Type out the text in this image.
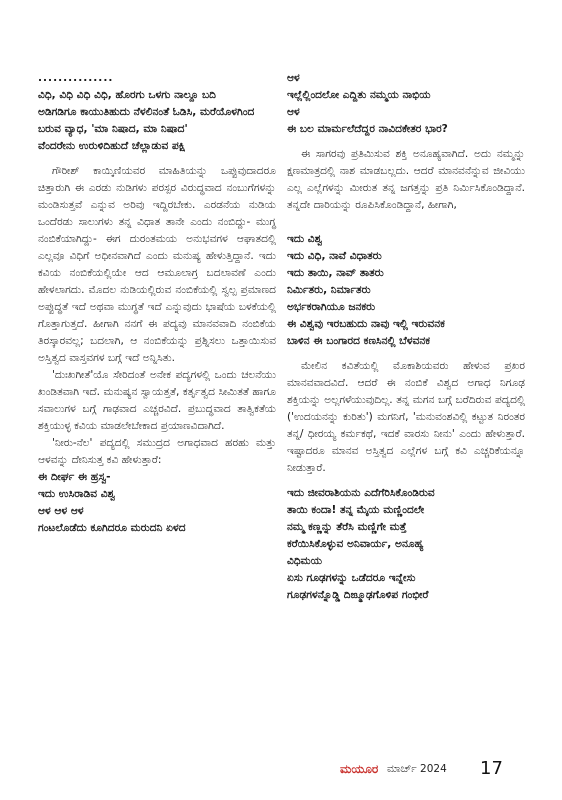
...............

ವಿಧಿ, ವಿಧಿ ವಿಧಿ ವಿಧಿ, ಹೊರಗು ಒಳಗು ನಾಲ್ದೂ ಬದಿ

ಅಡಿಗಡಿಗೂ ಕಾಯುತಿಹುದು ನೆಳಲಿನಂತೆ ಓಡಿಸಿ, ಮರೆಯೊಳಗಿಂದ ಬರುವ ವ್ಯಾಧ, 'ಮಾ ನಿಷಾದ, ಮಾ ನಿಷಾದ'

ವೆಂದರೇನು ಉರುಳಿದಿಹುದೆ ಚೆಲ್ಲಾಡುವ ಪಕ್ಷಿ

ಗೌರೀಶ್ ಕಾಯ್ಕಿಣಿಯವರ ಮಾಹಿತಿಯನ್ನು ಒಪ್ಪುವುದಾದರೂ ಚಿತ್ತಾರುಗಿ ಈ ಎರಡು ನುಡಿಗಳು ಪರಸ್ಪರ ವಿರುದ್ಧವಾದ ನಂಬುಗೆಗಳನ್ನು ಮಂಡಿಸುತ್ತವೆ ಎನ್ನುವ ಅರಿವು ಇದ್ದಿರಬೇಕು. ಎರಡನೆಯ ನುಡಿಯ ಒಂದೆರಡು ಸಾಲುಗಳು ತನ್ನ ವಿಧಾತ ತಾನೇ ಎಂದು ನಂಬಿದ್ದು- ಮುಗ್ಧ ನಂಬಿಕೆಯಾಗಿದ್ದು- ಈಗ ದುರಂತಮಯ ಅನುಭವಗಳ ಆಘಾತದಲ್ಲಿ ಎಲ್ಲವೂ ವಿಧಿಗೆ ಅಧೀನವಾಗಿದೆ ಎಂದು ಮನುಷ್ಯ ಹೇಳುತ್ತಿದ್ದಾನೆ. ಇದು ಕವಿಯ ನಂಬಿಕೆಯಲ್ಲಿಯೇ ಆದ ಆಮೂಲಾಗ್ರ ಬದಲಾವಣೆ ಎಂದು ಹೇಳಲಾಗದು. ಮೊದಲ ನುಡಿಯಲ್ಲಿರುವ ನಂಬಿಕೆಯಲ್ಲಿ ಸ್ವಲ್ಪ ಪ್ರಮಾಣದ ಅಪ್ಪುದ್ಧತೆ ಇದೆ ಅಥವಾ ಮುಗ್ಧತೆ ಇದೆ ಎನ್ನುವುದು ಭಾಷೆಯ ಬಳಕೆಯಲ್ಲಿ ಗೊತ್ತಾಗುತ್ತದೆ. ಹೀಗಾಗಿ ನನಗೆ ಈ ಪದ್ಯವು ಮಾನವವಾದಿ ನಂಬಿಕೆಯ ತಿರಸ್ಕಾರವಲ್ಲ; ಬದಲಾಗಿ, ಆ ನಂಬಿಕೆಯನ್ನು ಪ್ರಶ್ನಿಸಲು ಒತ್ತಾಯಿಸುವ ಅಸ್ತಿತ್ವದ ವಾಸ್ತವಗಳ ಬಗ್ಗೆ ಇದೆ ಅನ್ನಿಸಿತು.

'ದುಃಖಗೀತೆ'ಯೊ ಸೇರಿದಂತೆ ಅನೇಕ ಪದ್ಯಗಳಲ್ಲಿ ಒಂದು ಚಲನೆಯು ಖಂಡಿತವಾಗಿ ಇದೆ. ಮನುಷ್ಯನ ಸ್ವಾಯತ್ತತೆ, ಕರ್ತೃತ್ವದ ಸೀಮಿತತೆ ಹಾಗೂ ಸವಾಲುಗಳ ಬಗ್ಗೆ ಗಾಢವಾದ ಎಚ್ಚರವಿದೆ. ಪ್ರಬುದ್ಧವಾದ ತಾತ್ವಿಕತೆಯ ಶಕ್ತಿಯುಳ್ಳ ಕವಿಯ ಮಾಡಲೇಬೇಕಾದ ಪ್ರಯಾಣವಿದಾಗಿದೆ.

'ನೀರು-ನೆಲ' ಪದ್ಯದಲ್ಲಿ ಸಮುದ್ರದ ಅಗಾಧವಾದ ಹರಹು ಮತ್ತು ಆಳವನ್ನು ದೇನಿಸುತ್ತ ಕವಿ ಹೇಳುತ್ತಾರೆ:

ಈ ದೀರ್ಘ ಈ ಹ್ರಸ್ವ-

ಇದು ಉಸಿರಾಡಿವ ವಿಶ್ವ

ಆಳ ಆಳ ಆಳ

ಗಂಟಲೊಡೆದು ಕೂಗಿದರೂ ಮರುದನಿ ಏಳದ

ಆಳ

ಇಲ್ಲೆಲ್ಲಿಂದಲೋ ಎದ್ದಿತು ನಮ್ಮಯ ನಾಭಿಯ

ಆಳ

ಈ ಬಲ ಮಾರ್ಮಲೆದೆದ್ದರ ನಾವಿದಕೇತರ ಭಾರ?

ಈ ಸಾಗರವು ಪ್ರತಿಮಿಸುವ ಶಕ್ತಿ ಅನೂಹ್ಯವಾಗಿದೆ. ಅದು ನಮ್ಮನ್ನು ಕ್ಷಣಮಾತ್ರದಲ್ಲಿ ನಾಶ ಮಾಡಬಲ್ಲದು. ಆದರೆ ಮಾನವನೆನ್ನುವ ಜೀವಿಯು ಎಲ್ಲ ಎಲ್ಲೆಗಳನ್ನು ಮೀರುತ ತನ್ನ ಜಗತ್ತನ್ನು ಪ್ರತಿ ನಿರ್ಮಿಸಿಕೊಂಡಿದ್ದಾನೆ. ತನ್ನದೇ ದಾರಿಯನ್ನು ರೂಪಿಸಿಕೊಂಡಿದ್ದಾನೆ, ಹೀಗಾಗಿ,

ಇದು ವಿಶ್ವ

ಇದು ವಿಧಿ, ನಾವೆ ವಿಧಾತರು

ಇದು ತಾಯಿ, ನಾವ್ ತಾತರು

ನಿರ್ಮಿತರು, ನಿರ್ಮಾತರು

ಅರ್ಭಕರಾಗಿಯೂ ಜನಕರು

ಈ ವಿಶ್ವವು ಇರಬಹುದು ನಾವು ಇಲ್ಲಿ ಇರುವನಕ

ಬಾಳಿನ ಈ ಬಂಗಾರದ ಕಣಸಿನಲ್ಲಿ ಬೆಳವನಕ

ಮೇಲಿನ ಕವಿತೆಯಲ್ಲಿ ಮೊಕಾಶಿಯವರು ಹೇಳುವ ಪ್ರಖರ ಮಾನವವಾದವಿದೆ. ಆದರೆ ಈ ನಂಬಿಕೆ ವಿಶ್ವದ ಅಗಾಧ ನಿಗೂಢ ಶಕ್ತಿಯನ್ನು ಅಲ್ಲಗಳೆಯುವುದಿಲ್ಲ. ತನ್ನ ಮಗನ ಬಗ್ಗೆ ಬರೆದಿರುವ ಪದ್ಯದಲ್ಲಿ ('ಉದಯನನ್ನು ಕುರಿತು') ಮಗನಿಗೆ, 'ಮನುವಂಶವಿಲ್ಲಿ ಕಟ್ಟುತ ನಿರಂತರ ತನ್ನ/ ಧೀರಯ್ಯ ಕರ್ಮಕಥೆ, ಇದಕೆ ವಾರಸು ನೀನು' ಎಂದು ಹೇಳುತ್ತಾರೆ. ಇಷ್ಟಾದರೂ ಮಾನವ ಅಸ್ತಿತ್ವದ ಎಲ್ಲೆಗಳ ಬಗ್ಗೆ ಕವಿ ಎಚ್ಚರಿಕೆಯನ್ನೂ ನೀಡುತ್ತಾರೆ.

ಇದು ಜೀವರಾಶಿಯನು ಎದೆಗೆರಿಸಿಕೊಂಡಿರುವ

ತಾಯಿ ಕಂದಾ! ತನ್ನ ಮೈಯ ಮಣ್ಣಿಂದಲೇ

ನಮ್ಮ ಕಣ್ಣನ್ನು ತೆರೆಸಿ ಮಣ್ಣಿಗೇ ಮತ್ತೆ

ಕರೆಯಿಸಿಕೊಳ್ಳುವ ಅನಿವಾರ್ಯ, ಅನೂಹ್ಯ

ವಿಧಿಮಯ

ಏಸು ಗೂಢಗಳನ್ನು ಒಡೆದರೂ ಇನ್ನೇಸು

ಗೂಢಗಳನ್ನೊಡ್ಡಿ ದಿಙ್ಮೂಢಗೊಳಿಪ ಗಂಭೀರೆ

ಮಯೂರ ಮಾರ್ಚ್ 2024 17
